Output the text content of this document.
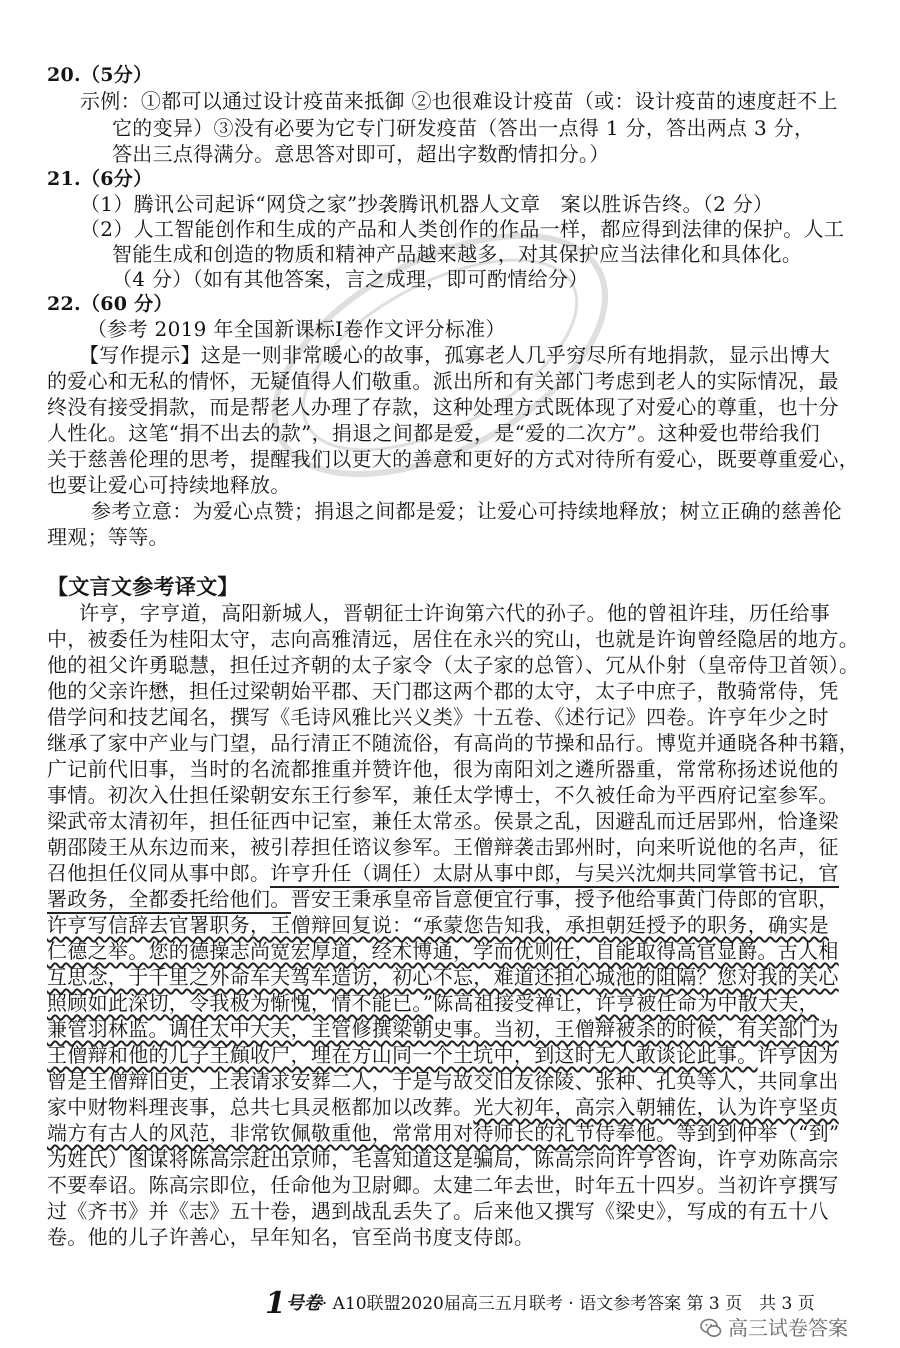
20.（5分）
示例：①都可以通过设计疫苗来抵御 ②也很难设计疫苗（或：设计疫苗的速度赶不上
它的变异）③没有必要为它专门研发疫苗（答出一点得 1 分，答出两点 3 分，
答出三点得满分。意思答对即可，超出字数酌情扣分。）
21.（6分）
（1）腾讯公司起诉“网贷之家”抄袭腾讯机器人文章　案以胜诉告终。（2 分）
（2）人工智能创作和生成的产品和人类创作的作品一样，都应得到法律的保护。人工
智能生成和创造的物质和精神产品越来越多，对其保护应当法律化和具体化。
（4 分）（如有其他答案，言之成理，即可酌情给分）
22.（60 分）
（参考 2019 年全国新课标Ⅰ卷作文评分标准）
【写作提示】这是一则非常暖心的故事，孤寡老人几乎穷尽所有地捐款，显示出博大
的爱心和无私的情怀，无疑值得人们敬重。派出所和有关部门考虑到老人的实际情况，最
终没有接受捐款，而是帮老人办理了存款，这种处理方式既体现了对爱心的尊重，也十分
人性化。这笔“捐不出去的款”，捐退之间都是爱，是“爱的二次方”。这种爱也带给我们
关于慈善伦理的思考，提醒我们以更大的善意和更好的方式对待所有爱心，既要尊重爱心，
也要让爱心可持续地释放。
参考立意：为爱心点赞；捐退之间都是爱；让爱心可持续地释放；树立正确的慈善伦
理观；等等。
【文言文参考译文】
许亨，字亨道，高阳新城人，晋朝征士许询第六代的孙子。他的曾祖许珪，历任给事
中，被委任为桂阳太守，志向高雅清远，居住在永兴的究山，也就是许询曾经隐居的地方。
他的祖父许勇聪慧，担任过齐朝的太子家令（太子家的总管）、冗从仆射（皇帝侍卫首领）。
他的父亲许懋，担任过梁朝始平郡、天门郡这两个郡的太守，太子中庶子，散骑常侍，凭
借学问和技艺闻名，撰写《毛诗风雅比兴义类》十五卷、《述行记》四卷。许亨年少之时
继承了家中产业与门望，品行清正不随流俗，有高尚的节操和品行。博览并通晓各种书籍，
广记前代旧事，当时的名流都推重并赞许他，很为南阳刘之遴所器重，常常称扬述说他的
事情。初次入仕担任梁朝安东王行参军，兼任太学博士，不久被任命为平西府记室参军。
梁武帝太清初年，担任征西中记室，兼任太常丞。侯景之乱，因避乱而迁居郢州，恰逢梁
朝邵陵王从东边而来，被引荐担任谘议参军。王僧辩袭击郢州时，向来听说他的名声，征
召他担任仪同从事中郎。许亨升任（调任）太尉从事中郎，与吴兴沈炯共同掌管书记，官
署政务，全都委托给他们。晋安王秉承皇帝旨意便宜行事，授予他给事黄门侍郎的官职，
许亨写信辞去官署职务，王僧辩回复说：“承蒙您告知我，承担朝廷授予的职务，确实是
仁德之举。您的德操志尚宽宏厚道，经术博通，学而优则仕，自能取得高官显爵。古人相
互思念，于千里之外命车夫驾车造访，初心不忘，难道还担心城池的阻隔？您对我的关心
照顾如此深切，令我极为惭愧，情不能已。”陈高祖接受禅让，许亨被任命为中散大夫，
兼管羽林监。调任太中大夫，主管修撰梁朝史事。当初，王僧辩被杀的时候，有关部门为
王僧辩和他的儿子王頠收尸，埋在方山同一个土坑中，到这时无人敢谈论此事。许亨因为
曾是王僧辩旧吏，上表请求安葬二人，于是与故交旧友徐陵、张种、孔奂等人，共同拿出
家中财物料理丧事，总共七具灵柩都加以改葬。光大初年，高宗入朝辅佐，认为许亨坚贞
端方有古人的风范，非常钦佩敬重他，常常用对待师长的礼节侍奉他。等到到仲举（“到”
为姓氏）图谋将陈高宗赶出京师，毛喜知道这是骗局，陈高宗向许亨咨询，许亨劝陈高宗
不要奉诏。陈高宗即位，任命他为卫尉卿。太建二年去世，时年五十四岁。当初许亨撰写
过《齐书》并《志》五十卷，遇到战乱丢失了。后来他又撰写《梁史》，写成的有五十八
卷。他的儿子许善心，早年知名，官至尚书度支侍郎。
1号卷· A10联盟2020届高三五月联考 · 语文参考答案 第 3 页　共 3 页
高三试卷答案
